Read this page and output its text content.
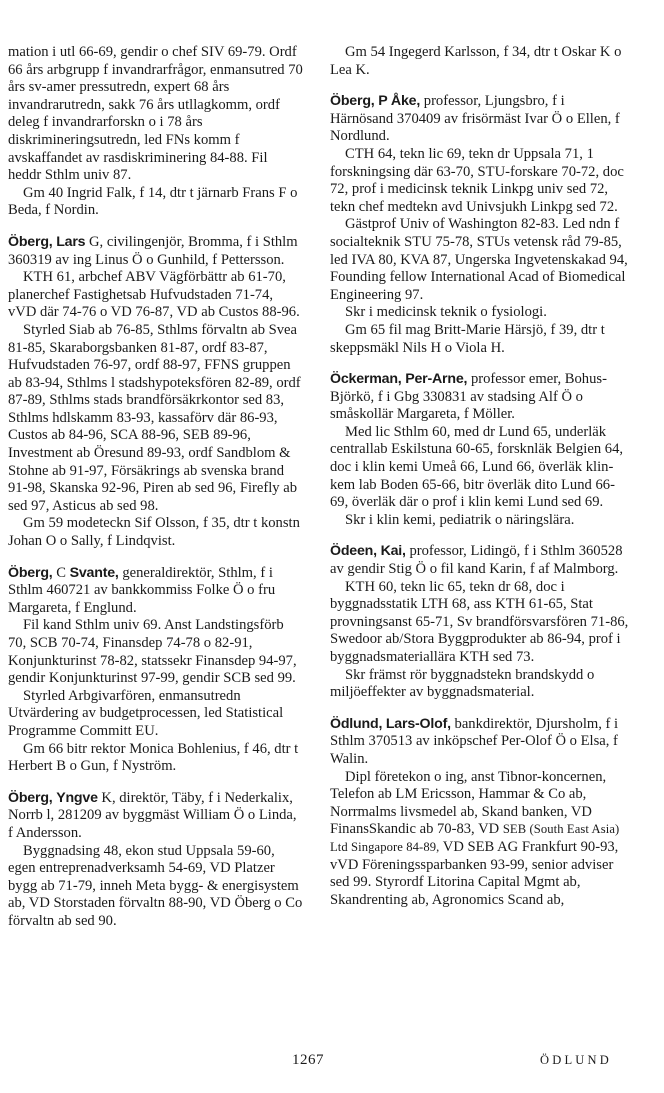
mation i utl 66-69, gendir o chef SIV 69-79. Ordf 66 års arbgrupp f invandrarfrågor, enmansutred 70 års sv-amer pressutredn, expert 68 års invandrarutredn, sakk 76 års utllagkomm, ordf deleg f invandrarforskn o i 78 års diskrimineringsutredn, led FNs komm f avskaffandet av rasdiskriminering 84-88. Fil heddr Sthlm univ 87.

Gm 40 Ingrid Falk, f 14, dtr t järnarb Frans F o Beda, f Nordin.

Öberg, Lars G, civilingenjör, Bromma, f i Sthlm 360319 av ing Linus Ö o Gunhild, f Pettersson.

KTH 61, arbchef ABV Vägförbättr ab 61-70, planerchef Fastighetsab Hufvudstaden 71-74, vVD där 74-76 o VD 76-87, VD ab Custos 88-96.

Styrled Siab ab 76-85, Sthlms förvaltn ab Svea 81-85, Skaraborgsbanken 81-87, ordf 83-87, Hufvudstaden 76-97, ordf 88-97, FFNS gruppen ab 83-94, Sthlms l stadshypoteksfören 82-89, ordf 87-89, Sthlms stads brandförsäkrkontor sed 83, Sthlms hdlskamm 83-93, kassaförv där 86-93, Custos ab 84-96, SCA 88-96, SEB 89-96, Investment ab Öresund 89-93, ordf Sandblom & Stohne ab 91-97, Försäkrings ab svenska brand 91-98, Skanska 92-96, Piren ab sed 96, Firefly ab sed 97, Asticus ab sed 98.

Gm 59 modeteckn Sif Olsson, f 35, dtr t konstn Johan O o Sally, f Lindqvist.

Öberg, C Svante, generaldirektör, Sthlm, f i Sthlm 460721 av bankkommiss Folke Ö o fru Margareta, f Englund.

Fil kand Sthlm univ 69. Anst Landstingsförb 70, SCB 70-74, Finansdep 74-78 o 82-91, Konjunkturinst 78-82, statssekr Finansdep 94-97, gendir Konjunkturinst 97-99, gendir SCB sed 99.

Styrled Arbgivarfören, enmansutredn Utvärdering av budgetprocessen, led Statistical Programme Committ EU.

Gm 66 bitr rektor Monica Bohlenius, f 46, dtr t Herbert B o Gun, f Nyström.

Öberg, Yngve K, direktör, Täby, f i Nederkalix, Norrb l, 281209 av byggmäst William Ö o Linda, f Andersson.

Byggnadsing 48, ekon stud Uppsala 59-60, egen entreprenadverksamh 54-69, VD Platzer bygg ab 71-79, inneh Meta bygg- & energisystem ab, VD Storstaden förvaltn 88-90, VD Öberg o Co förvaltn ab sed 90.

Gm 54 Ingegerd Karlsson, f 34, dtr t Oskar K o Lea K.

Öberg, P Åke, professor, Ljungsbro, f i Härnösand 370409 av frisörmäst Ivar Ö o Ellen, f Nordlund.

CTH 64, tekn lic 69, tekn dr Uppsala 71, 1 forskningsing där 63-70, STU-forskare 70-72, doc 72, prof i medicinsk teknik Linkpg univ sed 72, tekn chef medtekn avd Univsjukh Linkpg sed 72.

Gästprof Univ of Washington 82-83. Led ndn f socialteknik STU 75-78, STUs vetensk råd 79-85, led IVA 80, KVA 87, Ungerska Ingvetenskakad 94, Founding fellow International Acad of Biomedical Engineering 97.

Skr i medicinsk teknik o fysiologi.

Gm 65 fil mag Britt-Marie Härsjö, f 39, dtr t skeppsmäkl Nils H o Viola H.

Öckerman, Per-Arne, professor emer, Bohus-Björkö, f i Gbg 330831 av stadsing Alf Ö o småskollär Margareta, f Möller.

Med lic Sthlm 60, med dr Lund 65, underläk centrallab Eskilstuna 60-65, forsknläk Belgien 64, doc i klin kemi Umeå 66, Lund 66, överläk klin-kem lab Boden 65-66, bitr överläk dito Lund 66-69, överläk där o prof i klin kemi Lund sed 69.

Skr i klin kemi, pediatrik o näringslära.

Ödeen, Kai, professor, Lidingö, f i Sthlm 360528 av gendir Stig Ö o fil kand Karin, f af Malmborg.

KTH 60, tekn lic 65, tekn dr 68, doc i byggnadsstatik LTH 68, ass KTH 61-65, Stat provningsanst 65-71, Sv brandförsvarsfören 71-86, Swedoor ab/Stora Byggprodukter ab 86-94, prof i byggnadsmateriallära KTH sed 73.

Skr främst rör byggnadstekn brandskydd o miljöeffekter av byggnadsmaterial.

Ödlund, Lars-Olof, bankdirektör, Djursholm, f i Sthlm 370513 av inköpschef Per-Olof Ö o Elsa, f Walin.

Dipl företekon o ing, anst Tibnor-koncernen, Telefon ab LM Ericsson, Hammar & Co ab, Norrmalms livsmedel ab, Skand banken, VD FinansSkandic ab 70-83, VD SEB (South East Asia) Ltd Singapore 84-89, VD SEB AG Frankfurt 90-93, vVD Föreningssparbanken 93-99, senior adviser sed 99. Styrordf Litorina Capital Mgmt ab, Skandrenting ab, Agronomics Scand ab,

1267	ÖDLUND
